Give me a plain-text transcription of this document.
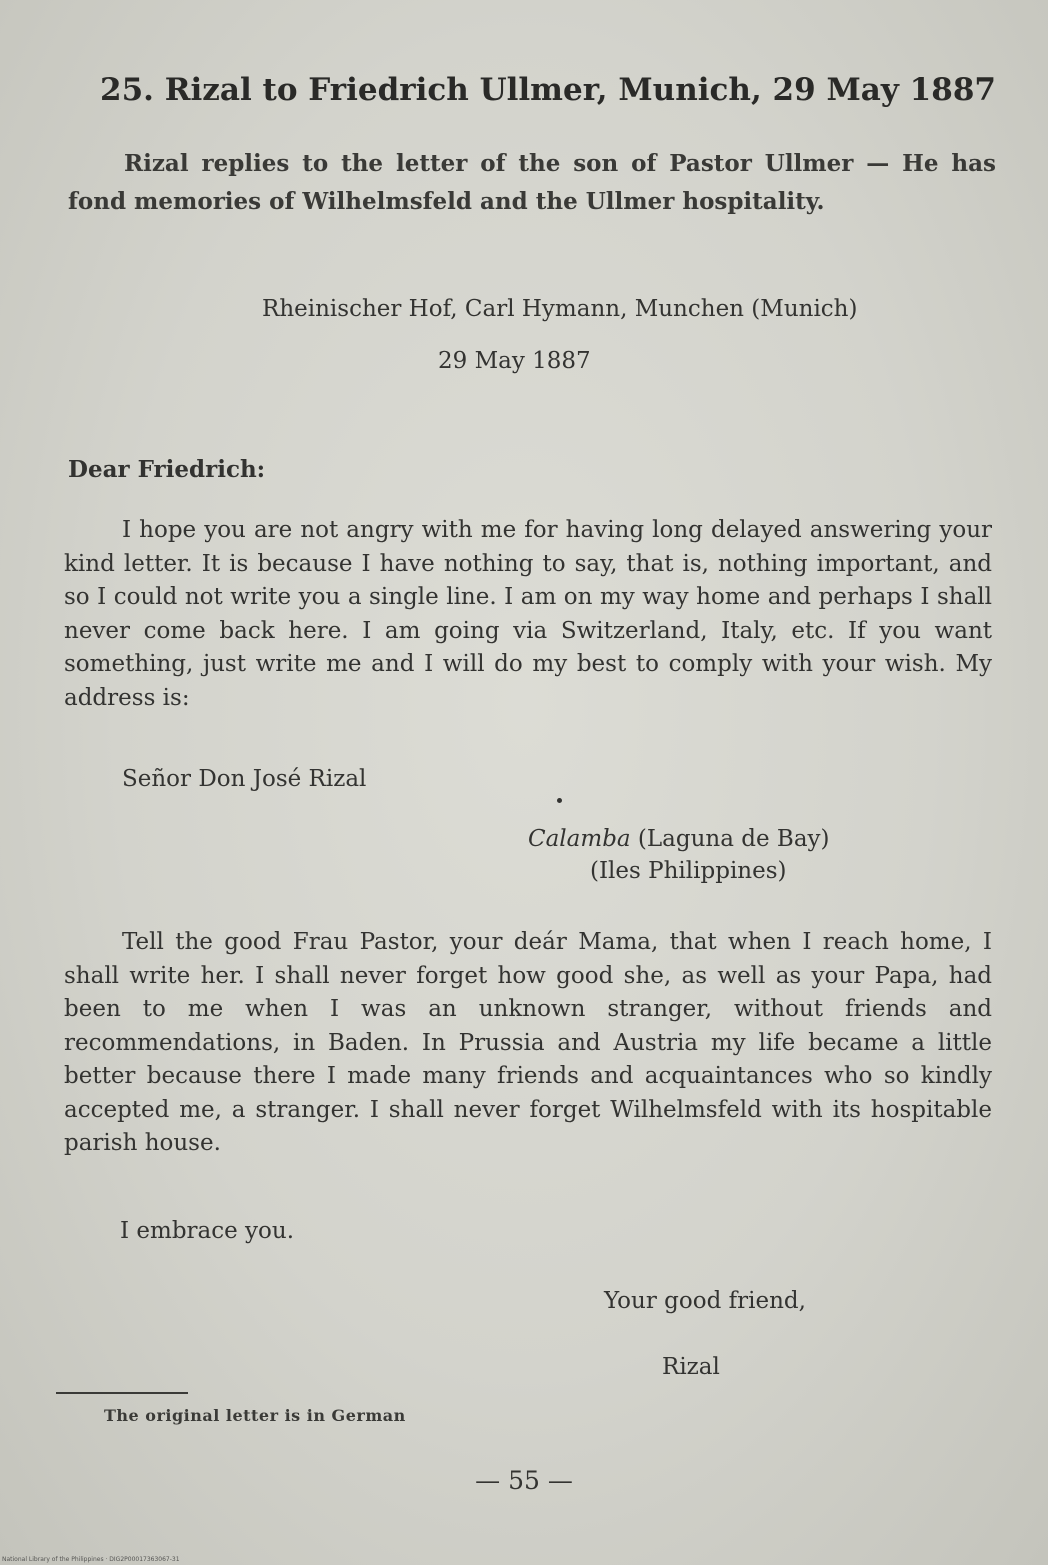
25. Rizal to Friedrich Ullmer, Munich, 29 May 1887

Rizal replies to the letter of the son of Pastor Ullmer — He has fond memories of Wilhelmsfeld and the Ullmer hospitality.

Rheinischer Hof, Carl Hymann, Munchen (Munich)
29 May 1887
Dear Friedrich:

I hope you are not angry with me for having long delayed answering your kind letter. It is because I have nothing to say, that is, nothing important, and so I could not write you a single line. I am on my way home and perhaps I shall never come back here. I am going via Switzerland, Italy, etc. If you want something, just write me and I will do my best to comply with your wish. My address is:

Señor Don José Rizal
Calamba (Laguna de Bay)
(Iles Philippines)

Tell the good Frau Pastor, your deár Mama, that when I reach home, I shall write her. I shall never forget how good she, as well as your Papa, had been to me when I was an unknown stranger, without friends and recommendations, in Baden. In Prussia and Austria my life became a little better because there I made many friends and acquaintances who so kindly accepted me, a stranger. I shall never forget Wilhelmsfeld with its hospitable parish house.

I embrace you.
Your good friend,
Rizal
The original letter is in German
— 55 —
National Library of the Philippines · DIG2P00017363067-31
